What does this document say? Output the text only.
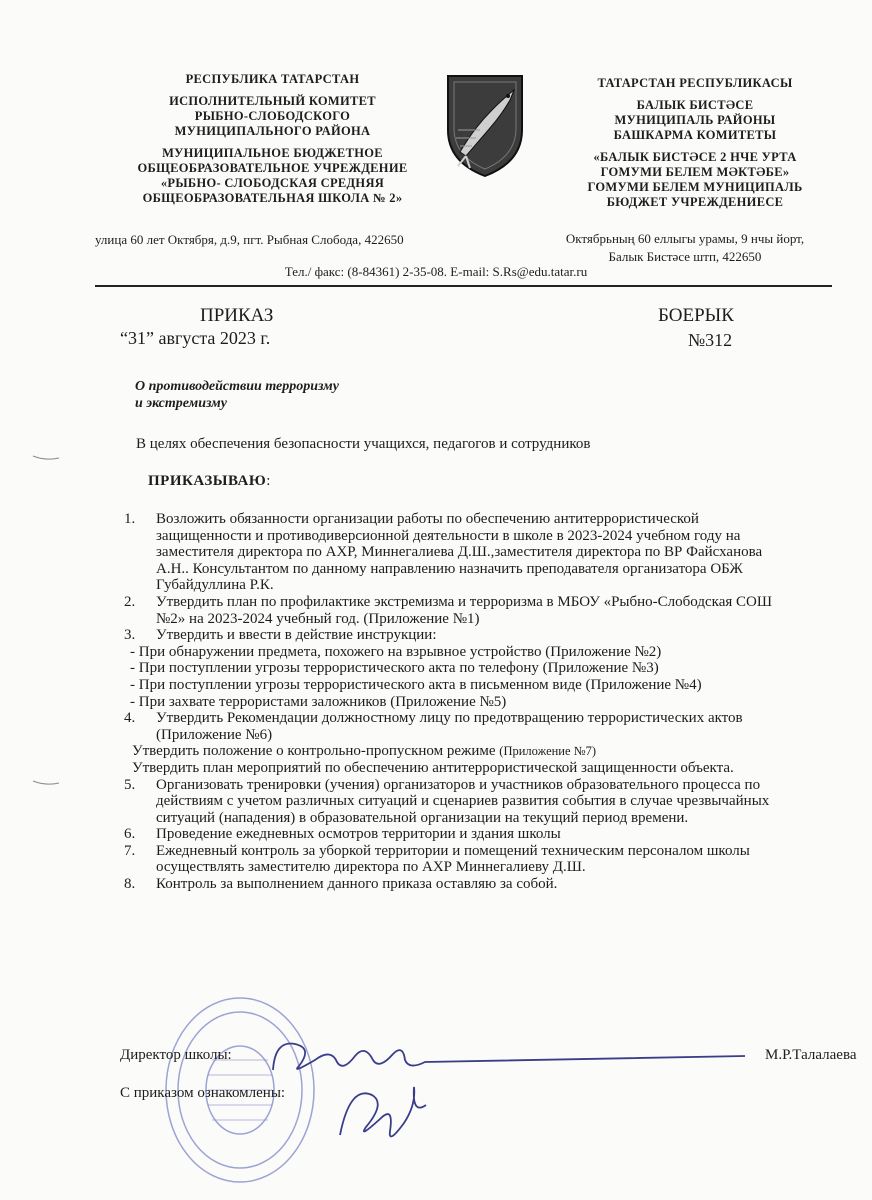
РЕСПУБЛИКА ТАТАРСТАН
ИСПОЛНИТЕЛЬНЫЙ КОМИТЕТ
РЫБНО-СЛОБОДСКОГО
МУНИЦИПАЛЬНОГО РАЙОНА
МУНИЦИПАЛЬНОЕ БЮДЖЕТНОЕ
ОБЩЕОБРАЗОВАТЕЛЬНОЕ УЧРЕЖДЕНИЕ
«РЫБНО- СЛОБОДСКАЯ СРЕДНЯЯ
ОБЩЕОБРАЗОВАТЕЛЬНАЯ ШКОЛА № 2»
ТАТАРСТАН РЕСПУБЛИКАСЫ
БАЛЫК БИСТӘСЕ
МУНИЦИПАЛЬ РАЙОНЫ
БАШКАРМА КОМИТЕТЫ
«БАЛЫК БИСТӘСЕ 2 НЧЕ УРТА
ГОМУМИ БЕЛЕМ МӘКТӘБЕ»
ГОМУМИ БЕЛЕМ МУНИЦИПАЛЬ
БЮДЖЕТ УЧРЕЖДЕНИЕСЕ
улица 60 лет Октября, д.9, пгт. Рыбная Слобода, 422650	Октябрьның 60 еллыгы урамы, 9 нчы йорт,
Балык Бистәсе штп, 422650
Тел./ факс: (8-84361) 2-35-08. E-mail: S.Rs@edu.tatar.ru
ПРИКАЗ
“31” августа 2023 г.
БОЕРЫК
№312
О противодействии терроризму
и экстремизму
В целях обеспечения безопасности учащихся, педагогов и сотрудников
ПРИКАЗЫВАЮ:
1. Возложить обязанности организации работы по обеспечению антитеррористической защищенности и противодиверсионной деятельности в школе в 2023-2024 учебном году на заместителя директора по АХР, Миннегалиева Д.Ш.,заместителя директора по ВР Файсханова А.Н.. Консультантом по данному направлению назначить преподавателя организатора ОБЖ Губайдуллина Р.К.
2. Утвердить план по профилактике экстремизма и терроризма в МБОУ «Рыбно-Слободская СОШ №2» на 2023-2024 учебный год. (Приложение №1)
3. Утвердить и ввести в действие инструкции:
- При обнаружении предмета, похожего на взрывное устройство (Приложение №2)
- При поступлении угрозы террористического акта по телефону (Приложение №3)
- При поступлении угрозы террористического акта в письменном виде (Приложение №4)
- При захвате террористами заложников (Приложение №5)
4. Утвердить Рекомендации должностному лицу по предотвращению террористических актов (Приложение №6)
Утвердить положение о контрольно-пропускном режиме (Приложение №7)
Утвердить план мероприятий по обеспечению антитеррористической защищенности объекта.
5. Организовать тренировки (учения) организаторов и участников образовательного процесса по действиям с учетом различных ситуаций и сценариев развития события в случае чрезвычайных ситуаций (нападения) в образовательной организации на текущий период времени.
6. Проведение ежедневных осмотров территории и здания школы
7. Ежедневный контроль за уборкой территории и помещений техническим персоналом школы осуществлять заместителю директора по АХР Миннегалиеву Д.Ш.
8. Контроль за выполнением данного приказа оставляю за собой.
Директор школы:	М.Р.Талалаева
С приказом ознакомлены:
